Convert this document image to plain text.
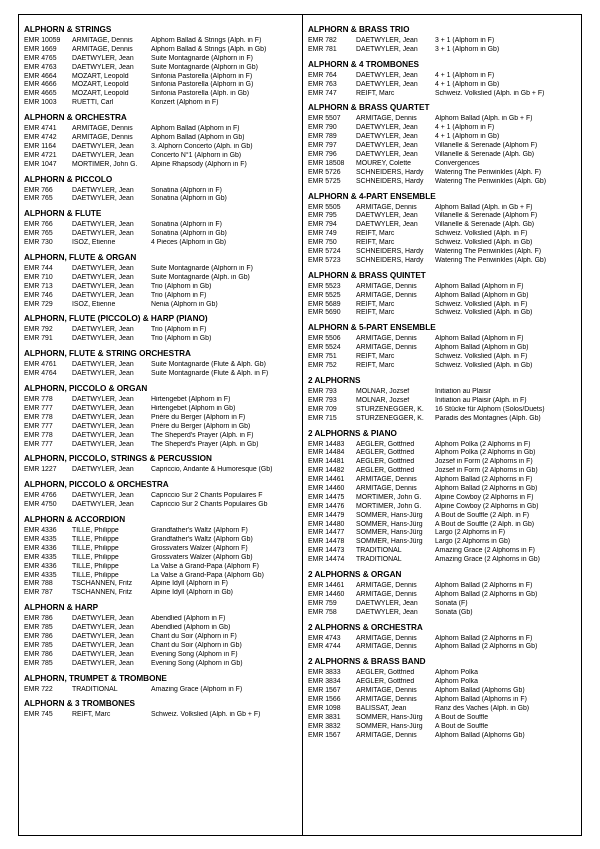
ALPHORN & STRINGS
EMR 10059	ARMITAGE, Dennis	Alphorn Ballad & Strings (Alph. in F)
EMR 1669	ARMITAGE, Dennis	Alphorn Ballad & Strings (Alph. in Gb)
EMR 4765	DAETWYLER, Jean	Suite Montagnarde (Alphorn in F)
EMR 4763	DAETWYLER, Jean	Suite Montagnarde (Alphorn in Gb)
EMR 4664	MOZART, Leopold	Sinfonia Pastorella (Alphorn in F)
EMR 4666	MOZART, Leopold	Sinfonia Pastorella (Alphorn in G)
EMR 4665	MOZART, Leopold	Sinfonia Pastorella (Alph. in Gb)
EMR 1003	RUETTI, Carl	Konzert (Alphorn in F)
ALPHORN & ORCHESTRA
EMR 4741	ARMITAGE, Dennis	Alphorn Ballad (Alphorn in F)
EMR 4742	ARMITAGE, Dennis	Alphorn Ballad (Alphorn in Gb)
EMR 1164	DAETWYLER, Jean	3. Alphorn Concerto (Alph. in Gb)
EMR 4721	DAETWYLER, Jean	Concerto N°1 (Alphorn in Gb)
EMR 1047	MORTIMER, John G.	Alpine Rhapsody (Alphorn in F)
ALPHORN & PICCOLO
EMR 766	DAETWYLER, Jean	Sonatina (Alphorn in F)
EMR 765	DAETWYLER, Jean	Sonatina (Alphorn in Gb)
ALPHORN & FLUTE
EMR 766	DAETWYLER, Jean	Sonatina (Alphorn in F)
EMR 765	DAETWYLER, Jean	Sonatina (Alphorn in Gb)
EMR 730	ISOZ, Etienne	4 Pieces (Alphorn in Gb)
ALPHORN, FLUTE & ORGAN
EMR 744	DAETWYLER, Jean	Suite Montagnarde (Alphorn in F)
EMR 710	DAETWYLER, Jean	Suite Montagnarde (Alph. in Gb)
EMR 713	DAETWYLER, Jean	Trio (Alphorn in Gb)
EMR 746	DAETWYLER, Jean	Trio (Alphorn in F)
EMR 729	ISOZ, Etienne	Nenia (Alphorn in Gb)
ALPHORN, FLUTE (PICCOLO) & HARP (PIANO)
EMR 792	DAETWYLER, Jean	Trio (Alphorn in F)
EMR 791	DAETWYLER, Jean	Trio (Alphorn in Gb)
ALPHORN, FLUTE & STRING ORCHESTRA
EMR 4761	DAETWYLER, Jean	Suite Montagnarde (Flute & Alph. Gb)
EMR 4764	DAETWYLER, Jean	Suite Montagnarde (Flute & Alph. in F)
ALPHORN, PICCOLO & ORGAN
EMR 778	DAETWYLER, Jean	Hirtengebet (Alphorn in F)
EMR 777	DAETWYLER, Jean	Hirtengebet (Alphorn in Gb)
EMR 778	DAETWYLER, Jean	Prière du Berger (Alphorn in F)
EMR 777	DAETWYLER, Jean	Prière du Berger (Alphorn in Gb)
EMR 778	DAETWYLER, Jean	The Sheperd's Prayer (Alph. in F)
EMR 777	DAETWYLER, Jean	The Sheperd's Prayer (Alph. in Gb)
ALPHORN, PICCOLO, STRINGS & PERCUSSION
EMR 1227	DAETWYLER, Jean	Capriccio, Andante & Humoresque (Gb)
ALPHORN, PICCOLO & ORCHESTRA
EMR 4766	DAETWYLER, Jean	Capriccio Sur 2 Chants Populaires F
EMR 4750	DAETWYLER, Jean	Capriccio Sur 2 Chants Populaires Gb
ALPHORN & ACCORDION
EMR 4336	TILLE, Philippe	Grandfather's Waltz (Alphorn F)
EMR 4335	TILLE, Philippe	Grandfather's Waltz (Alphorn Gb)
EMR 4336	TILLE, Philippe	Grossvaters Walzer (Alphorn F)
EMR 4335	TILLE, Philippe	Grossvaters Walzer (Alphorn Gb)
EMR 4336	TILLE, Philippe	La Valse à Grand-Papa (Alphorn F)
EMR 4335	TILLE, Philippe	La Valse à Grand-Papa (Alphorn Gb)
EMR 788	TSCHANNEN, Fritz	Alpine Idyll (Alphorn in F)
EMR 787	TSCHANNEN, Fritz	Alpine Idyll (Alphorn in Gb)
ALPHORN & HARP
EMR 786	DAETWYLER, Jean	Abendlied (Alphorn in F)
EMR 785	DAETWYLER, Jean	Abendlied (Alphorn in Gb)
EMR 786	DAETWYLER, Jean	Chant du Soir (Alphorn in F)
EMR 785	DAETWYLER, Jean	Chant du Soir (Alphorn in Gb)
EMR 786	DAETWYLER, Jean	Evening Song (Alphorn in F)
EMR 785	DAETWYLER, Jean	Evening Song (Alphorn in Gb)
ALPHORN, TRUMPET & TROMBONE
EMR 722	TRADITIONAL	Amazing Grace (Alphorn in F)
ALPHORN & 3 TROMBONES
EMR 745	REIFT, Marc	Schweiz. Volkslied (Alph. in Gb + F)
ALPHORN & BRASS TRIO
EMR 782	DAETWYLER, Jean	3 + 1 (Alphorn in F)
EMR 781	DAETWYLER, Jean	3 + 1 (Alphorn in Gb)
ALPHORN & 4 TROMBONES
EMR 764	DAETWYLER, Jean	4 + 1 (Alphorn in F)
EMR 763	DAETWYLER, Jean	4 + 1 (Alphorn in Gb)
EMR 747	REIFT, Marc	Schweiz. Volkslied (Alph. in Gb + F)
ALPHORN & BRASS QUARTET
EMR 5507	ARMITAGE, Dennis	Alphorn Ballad (Alph. in Gb + F)
EMR 790	DAETWYLER, Jean	4 + 1 (Alphorn in F)
EMR 789	DAETWYLER, Jean	4 + 1 (Alphorn in Gb)
EMR 797	DAETWYLER, Jean	Villanelle & Serenade (Alphorn F)
EMR 796	DAETWYLER, Jean	Villanelle & Serenade (Alph. Gb)
EMR 18508	MOUREY, Colette	Convergences
EMR 5726	SCHNEIDERS, Hardy	Watering The Periwinkles (Alph. F)
EMR 5725	SCHNEIDERS, Hardy	Watering The Periwinkles (Alph. Gb)
ALPHORN & 4-PART ENSEMBLE
EMR 5505	ARMITAGE, Dennis	Alphorn Ballad (Alph. in Gb + F)
EMR 795	DAETWYLER, Jean	Villanelle & Serenade (Alphorn F)
EMR 794	DAETWYLER, Jean	Villanelle & Serenade (Alph. Gb)
EMR 749	REIFT, Marc	Schweiz. Volkslied (Alph. in F)
EMR 750	REIFT, Marc	Schweiz. Volkslied (Alph. in Gb)
EMR 5724	SCHNEIDERS, Hardy	Watering The Periwinkles (Alph. F)
EMR 5723	SCHNEIDERS, Hardy	Watering The Periwinkles (Alph. Gb)
ALPHORN & BRASS QUINTET
EMR 5523	ARMITAGE, Dennis	Alphorn Ballad (Alphorn in F)
EMR 5525	ARMITAGE, Dennis	Alphorn Ballad (Alphorn in Gb)
EMR 5689	REIFT, Marc	Schweiz. Volkslied (Alph. in F)
EMR 5690	REIFT, Marc	Schweiz. Volkslied (Alph. in Gb)
ALPHORN & 5-PART ENSEMBLE
EMR 5506	ARMITAGE, Dennis	Alphorn Ballad (Alphorn in F)
EMR 5524	ARMITAGE, Dennis	Alphorn Ballad (Alphorn in Gb)
EMR 751	REIFT, Marc	Schweiz. Volkslied (Alph. in F)
EMR 752	REIFT, Marc	Schweiz. Volkslied (Alph. in Gb)
2 ALPHORNS
EMR 793	MOLNAR, Jozsef	Initiation au Plaisir
EMR 793	MOLNAR, Jozsef	Initiation au Plaisir (Alph. in F)
EMR 709	STURZENEGGER, K.	16 Stücke für Alphorn (Solos/Duets)
EMR 715	STURZENEGGER, K.	Paradis des Montagnes (Alph. Gb)
2 ALPHORNS & PIANO
EMR 14483	AEGLER, Gottfried	Alphorn Polka (2 Alphorns in F)
EMR 14484	AEGLER, Gottfried	Alphorn Polka (2 Alphorns in Gb)
EMR 14481	AEGLER, Gottfried	Jozsef in Form (2 Alphorns in F)
EMR 14482	AEGLER, Gottfried	Jozsef in Form (2 Alphorns in Gb)
EMR 14461	ARMITAGE, Dennis	Alphorn Ballad (2 Alphorns in F)
EMR 14460	ARMITAGE, Dennis	Alphorn Ballad (2 Alphorns in Gb)
EMR 14475	MORTIMER, John G.	Alpine Cowboy (2 Alphorns in F)
EMR 14476	MORTIMER, John G.	Alpine Cowboy (2 Alphorns in Gb)
EMR 14479	SOMMER, Hans-Jürg	A Bout de Souffle (2 Alph. in F)
EMR 14480	SOMMER, Hans-Jürg	A Bout de Souffle (2 Alph. in Gb)
EMR 14477	SOMMER, Hans-Jürg	Largo (2 Alphorns in F)
EMR 14478	SOMMER, Hans-Jürg	Largo (2 Alphorns in Gb)
EMR 14473	TRADITIONAL	Amazing Grace (2 Alphorns in F)
EMR 14474	TRADITIONAL	Amazing Grace (2 Alphorns in Gb)
2 ALPHORNS & ORGAN
EMR 14461	ARMITAGE, Dennis	Alphorn Ballad (2 Alphorns in F)
EMR 14460	ARMITAGE, Dennis	Alphorn Ballad (2 Alphorns in Gb)
EMR 759	DAETWYLER, Jean	Sonata (F)
EMR 758	DAETWYLER, Jean	Sonata (Gb)
2 ALPHORNS & ORCHESTRA
EMR 4743	ARMITAGE, Dennis	Alphorn Ballad (2 Alphorns in F)
EMR 4744	ARMITAGE, Dennis	Alphorn Ballad (2 Alphorns in Gb)
2 ALPHORNS & BRASS BAND
EMR 3833	AEGLER, Gottfried	Alphorn Polka
EMR 3834	AEGLER, Gottfried	Alphorn Polka
EMR 1567	ARMITAGE, Dennis	Alphorn Ballad (Alphorns Gb)
EMR 1566	ARMITAGE, Dennis	Alphorn Ballad (Alphorns in F)
EMR 1098	BALISSAT, Jean	Ranz des Vaches (Alph. in Gb)
EMR 3831	SOMMER, Hans-Jürg	A Bout de Souffle
EMR 3832	SOMMER, Hans-Jürg	A Bout de Souffle
EMR 1567	ARMITAGE, Dennis	Alphorn Ballad (Alphorns Gb)
